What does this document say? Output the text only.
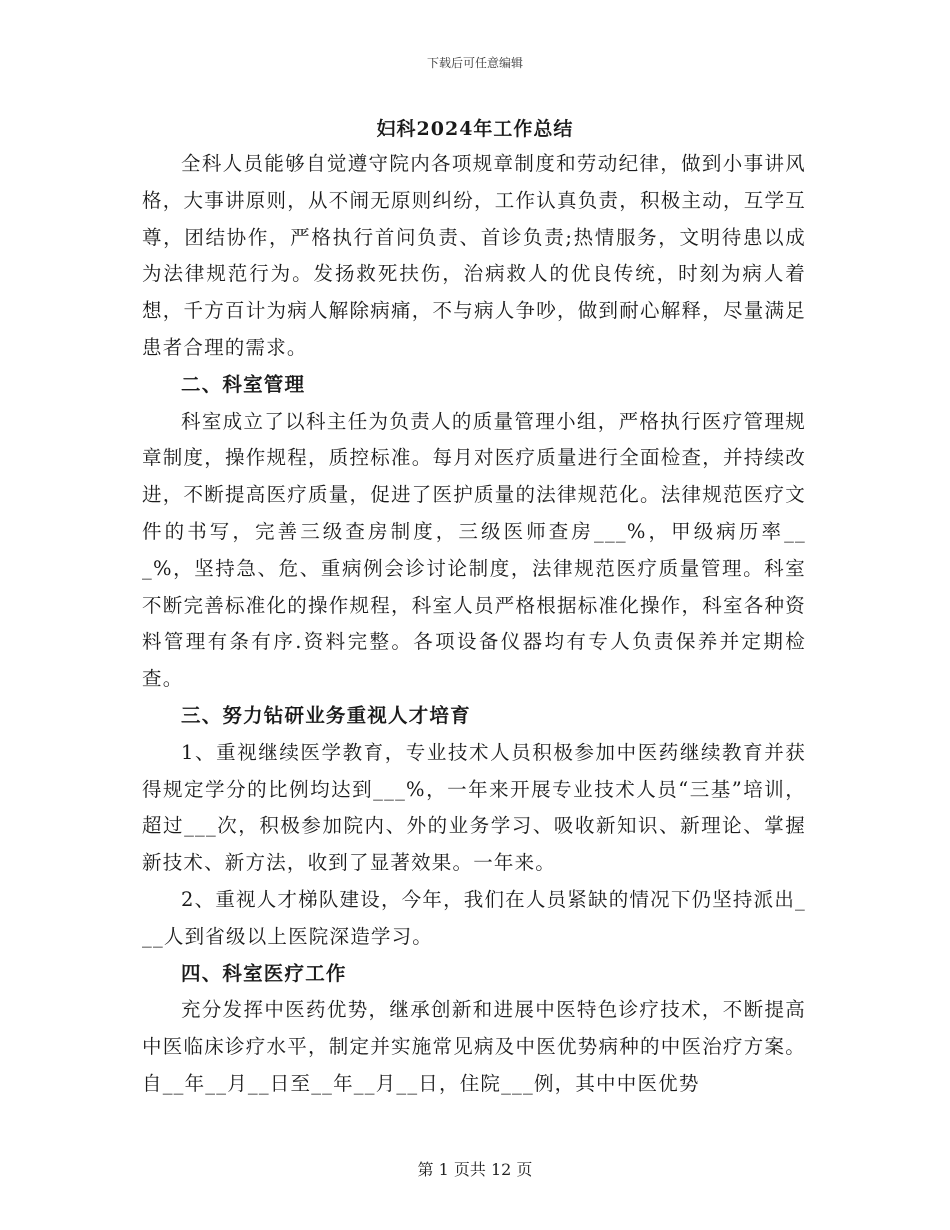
下载后可任意编辑
妇科2024年工作总结

全科人员能够自觉遵守院内各项规章制度和劳动纪律，做到小事讲风格，大事讲原则，从不闹无原则纠纷，工作认真负责，积极主动，互学互尊，团结协作，严格执行首问负责、首诊负责;热情服务，文明待患以成为法律规范行为。发扬救死扶伤，治病救人的优良传统，时刻为病人着想，千方百计为病人解除病痛，不与病人争吵，做到耐心解释，尽量满足患者合理的需求。

二、科室管理

科室成立了以科主任为负责人的质量管理小组，严格执行医疗管理规章制度，操作规程，质控标准。每月对医疗质量进行全面检查，并持续改进，不断提高医疗质量，促进了医护质量的法律规范化。法律规范医疗文件的书写，完善三级查房制度，三级医师查房___%，甲级病历率___%，坚持急、危、重病例会诊讨论制度，法律规范医疗质量管理。科室不断完善标准化的操作规程，科室人员严格根据标准化操作，科室各种资料管理有条有序.资料完整。各项设备仪器均有专人负责保养并定期检查。

三、努力钻研业务重视人才培育

1、重视继续医学教育，专业技术人员积极参加中医药继续教育并获得规定学分的比例均达到___%，一年来开展专业技术人员“三基”培训，超过___次，积极参加院内、外的业务学习、吸收新知识、新理论、掌握新技术、新方法，收到了显著效果。一年来。

2、重视人才梯队建设，今年，我们在人员紧缺的情况下仍坚持派出___人到省级以上医院深造学习。

四、科室医疗工作

充分发挥中医药优势，继承创新和进展中医特色诊疗技术，不断提高中医临床诊疗水平，制定并实施常见病及中医优势病种的中医治疗方案。自__年__月__日至__年__月__日，住院___例，其中中医优势

第 1 页共 12 页
